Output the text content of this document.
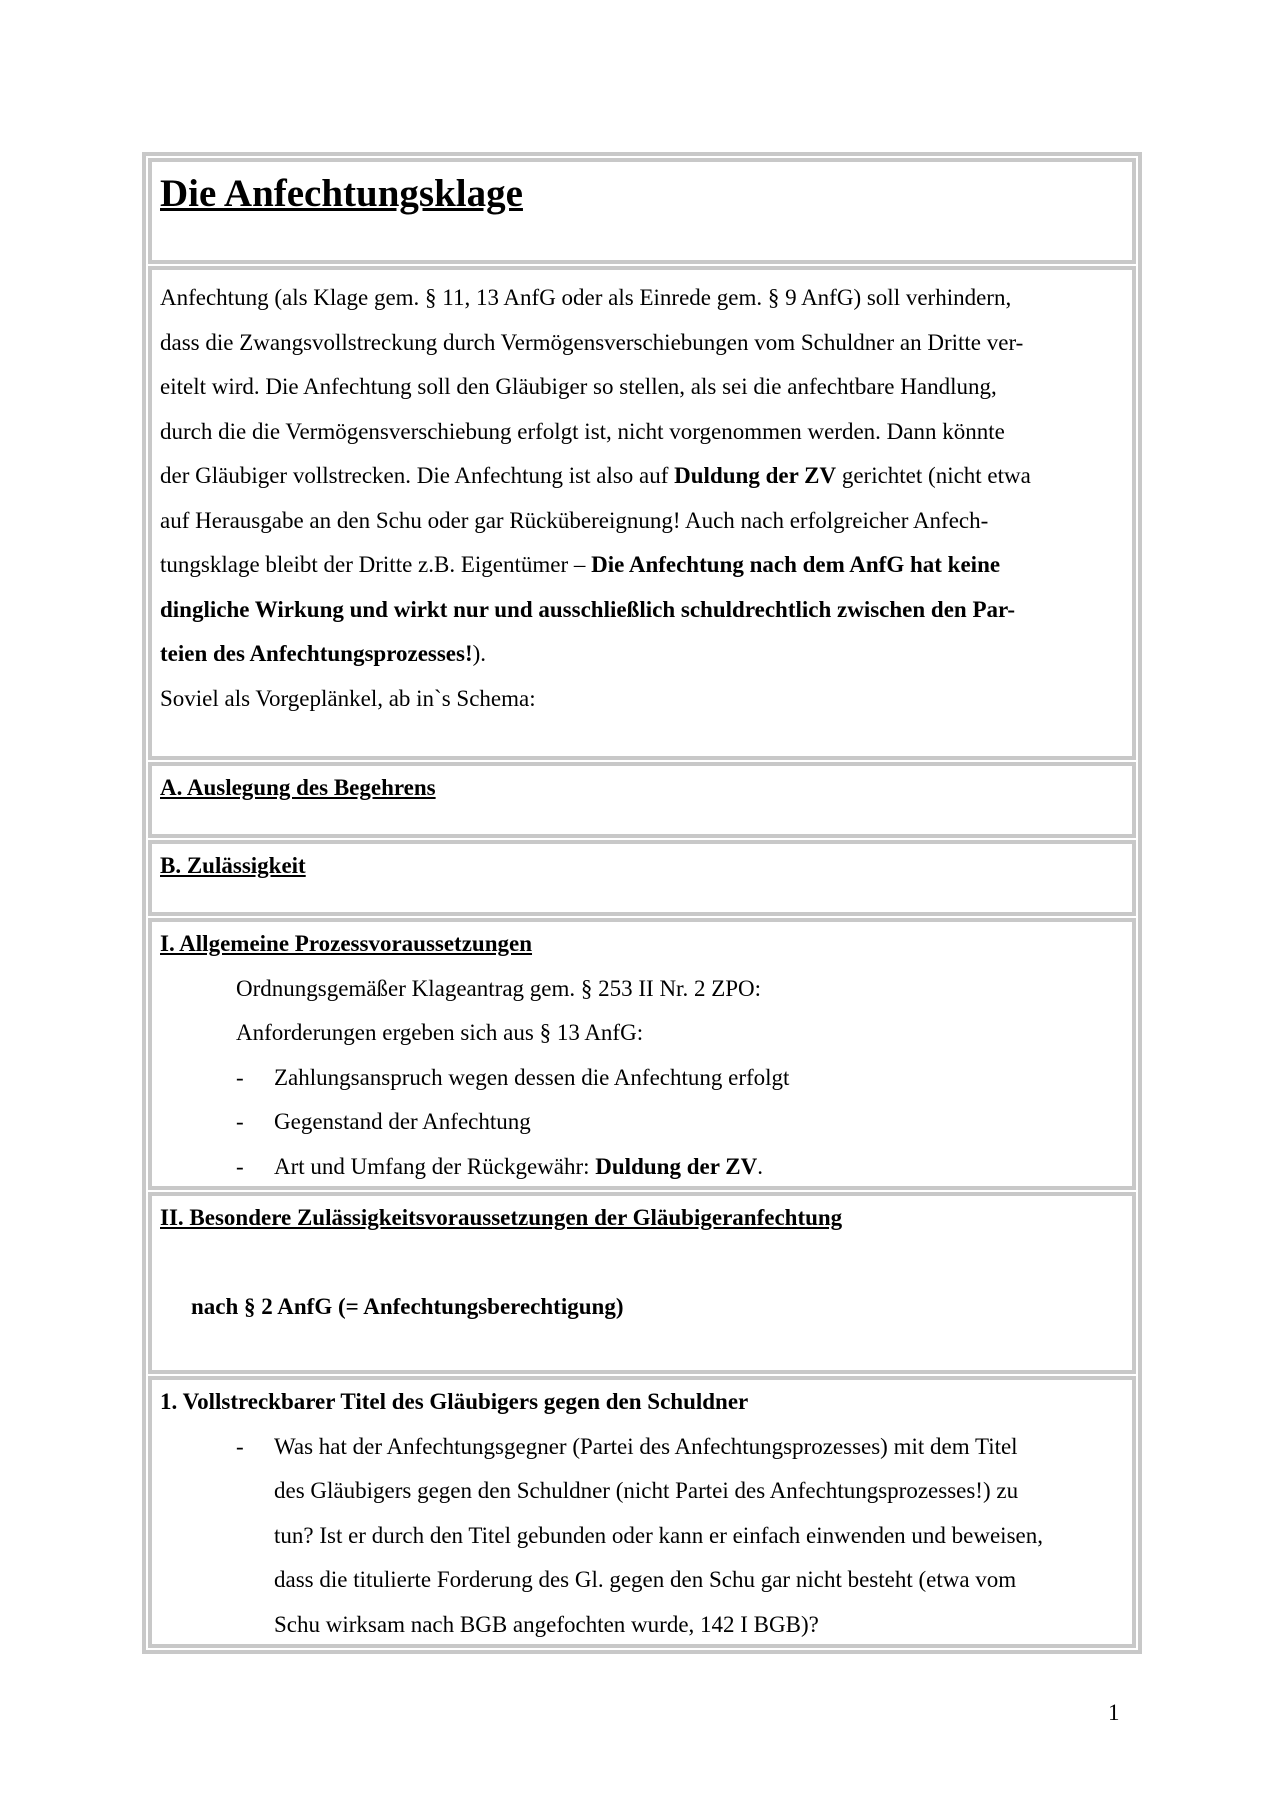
Die Anfechtungsklage

Anfechtung (als Klage gem. § 11, 13 AnfG oder als Einrede gem. § 9 AnfG) soll verhindern,

dass die Zwangsvollstreckung durch Vermögensverschiebungen vom Schuldner an Dritte ver-

eitelt wird. Die Anfechtung soll den Gläubiger so stellen, als sei die anfechtbare Handlung,

durch die die Vermögensverschiebung erfolgt ist, nicht vorgenommen werden. Dann könnte

der Gläubiger vollstrecken. Die Anfechtung ist also auf Duldung der ZV gerichtet (nicht etwa

auf Herausgabe an den Schu oder gar Rückübereignung! Auch nach erfolgreicher Anfech-

tungsklage bleibt der Dritte z.B. Eigentümer – Die Anfechtung nach dem AnfG hat keine

dingliche Wirkung und wirkt nur und ausschließlich schuldrechtlich zwischen den Par-

teien des Anfechtungsprozesses!).

Soviel als Vorgeplänkel, ab in`s Schema:

A. Auslegung des Begehrens

B. Zulässigkeit

I. Allgemeine Prozessvoraussetzungen

Ordnungsgemäßer Klageantrag gem. § 253 II Nr. 2 ZPO:

Anforderungen ergeben sich aus § 13 AnfG:

- Zahlungsanspruch wegen dessen die Anfechtung erfolgt

- Gegenstand der Anfechtung

- Art und Umfang der Rückgewähr: Duldung der ZV.

II. Besondere Zulässigkeitsvoraussetzungen der Gläubigeranfechtung

nach § 2 AnfG (= Anfechtungsberechtigung)

1. Vollstreckbarer Titel des Gläubigers gegen den Schuldner

- Was hat der Anfechtungsgegner (Partei des Anfechtungsprozesses) mit dem Titel

des Gläubigers gegen den Schuldner (nicht Partei des Anfechtungsprozesses!) zu

tun? Ist er durch den Titel gebunden oder kann er einfach einwenden und beweisen,

dass die titulierte Forderung des Gl. gegen den Schu gar nicht besteht (etwa vom

Schu wirksam nach BGB angefochten wurde, 142 I BGB)?

1
